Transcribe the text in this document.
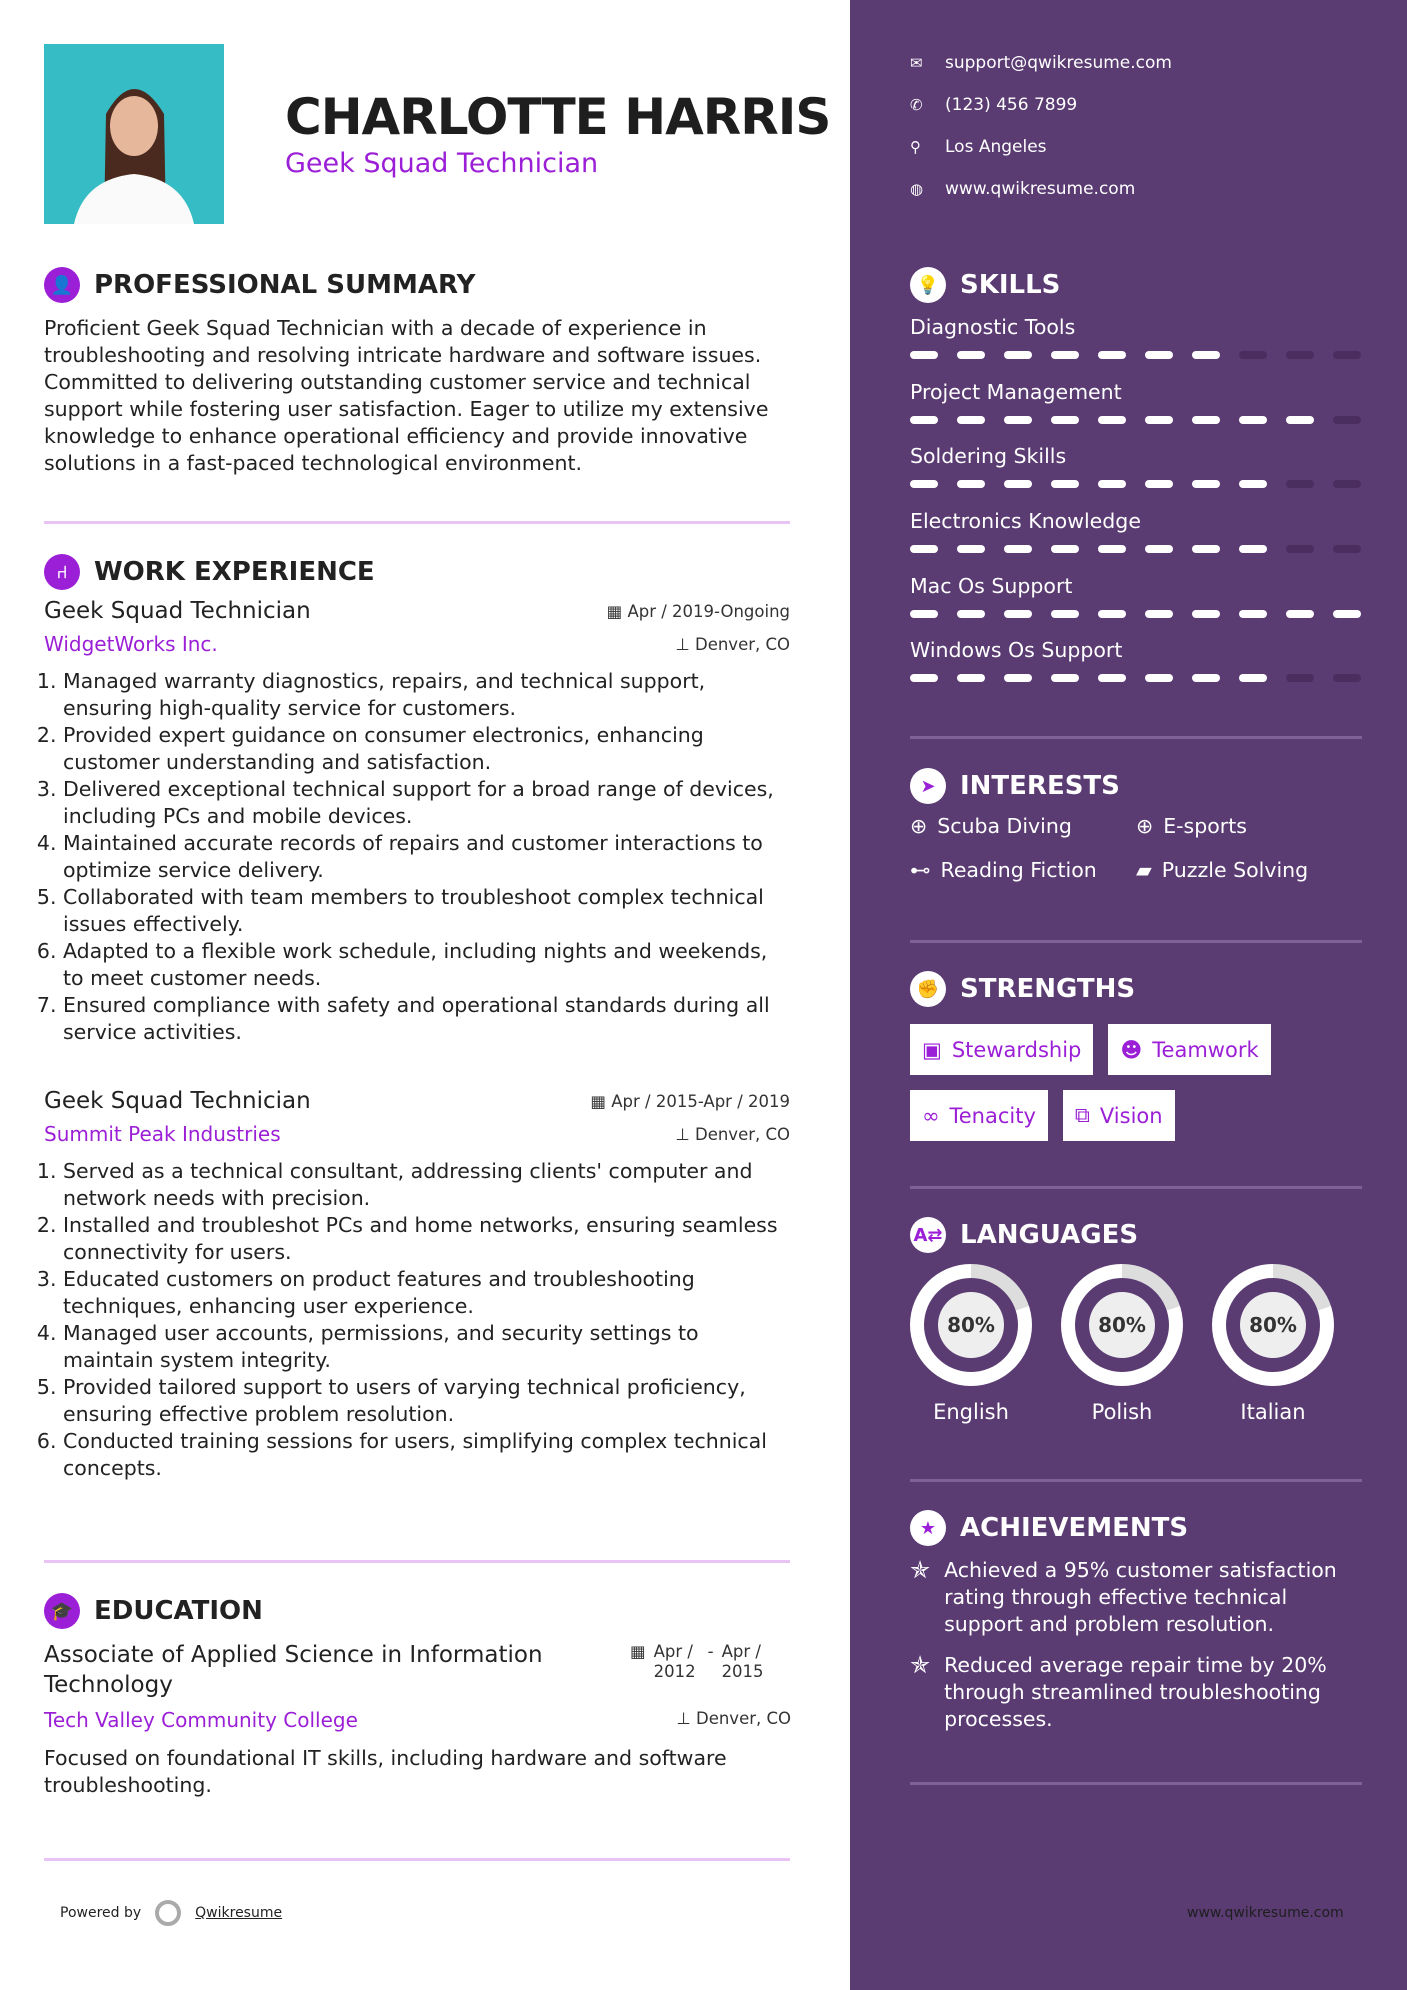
CHARLOTTE HARRIS
Geek Squad Technician
👤 PROFESSIONAL SUMMARY
Proficient Geek Squad Technician with a decade of experience in troubleshooting and resolving intricate hardware and software issues. Committed to delivering outstanding customer service and technical support while fostering user satisfaction. Eager to utilize my extensive knowledge to enhance operational efficiency and provide innovative solutions in a fast-paced technological environment.
⑁	WORK EXPERIENCE
Geek Squad Technician	▦ Apr / 2019-Ongoing
WidgetWorks Inc.	⊥ Denver, CO
1. Managed warranty diagnostics, repairs, and technical support, ensuring high-quality service for customers.
2. Provided expert guidance on consumer electronics, enhancing customer understanding and satisfaction.
3. Delivered exceptional technical support for a broad range of devices, including PCs and mobile devices.
4. Maintained accurate records of repairs and customer interactions to optimize service delivery.
5. Collaborated with team members to troubleshoot complex technical issues effectively.
6. Adapted to a flexible work schedule, including nights and weekends, to meet customer needs.
7. Ensured compliance with safety and operational standards during all service activities.
Geek Squad Technician	▦ Apr / 2015-Apr / 2019
Summit Peak Industries	⊥ Denver, CO
1. Served as a technical consultant, addressing clients' computer and network needs with precision.
2. Installed and troubleshot PCs and home networks, ensuring seamless connectivity for users.
3. Educated customers on product features and troubleshooting techniques, enhancing user experience.
4. Managed user accounts, permissions, and security settings to maintain system integrity.
5. Provided tailored support to users of varying technical proficiency, ensuring effective problem resolution.
6. Conducted training sessions for users, simplifying complex technical concepts.
🎓 EDUCATION
Associate of Applied Science in Information Technology
▦ Apr / 2012
- Apr / 2015
Tech Valley Community College	⊥ Denver, CO
Focused on foundational IT skills, including hardware and software troubleshooting.
Powered by	Qwikresume
✉	support@qwikresume.com
✆	(123) 456 7899
⚲	Los Angeles
◍	www.qwikresume.com
💡 SKILLS
Diagnostic Tools
Project Management
Soldering Skills
Electronics Knowledge
Mac Os Support
Windows Os Support
➤ INTERESTS
⊕ Scuba Diving	⊕ E-sports
⊷ Reading Fiction ▰ Puzzle Solving
✊ STRENGTHS
▣ Stewardship ☻ Teamwork
∞ Tenacity ⧉ Vision
A⇄ LANGUAGES
80%
English
80%
Polish
80%
Italian
★ ACHIEVEMENTS
✯ Achieved a 95% customer satisfaction rating through effective technical support and problem resolution.
✯ Reduced average repair time by 20% through streamlined troubleshooting processes.
www.qwikresume.com
